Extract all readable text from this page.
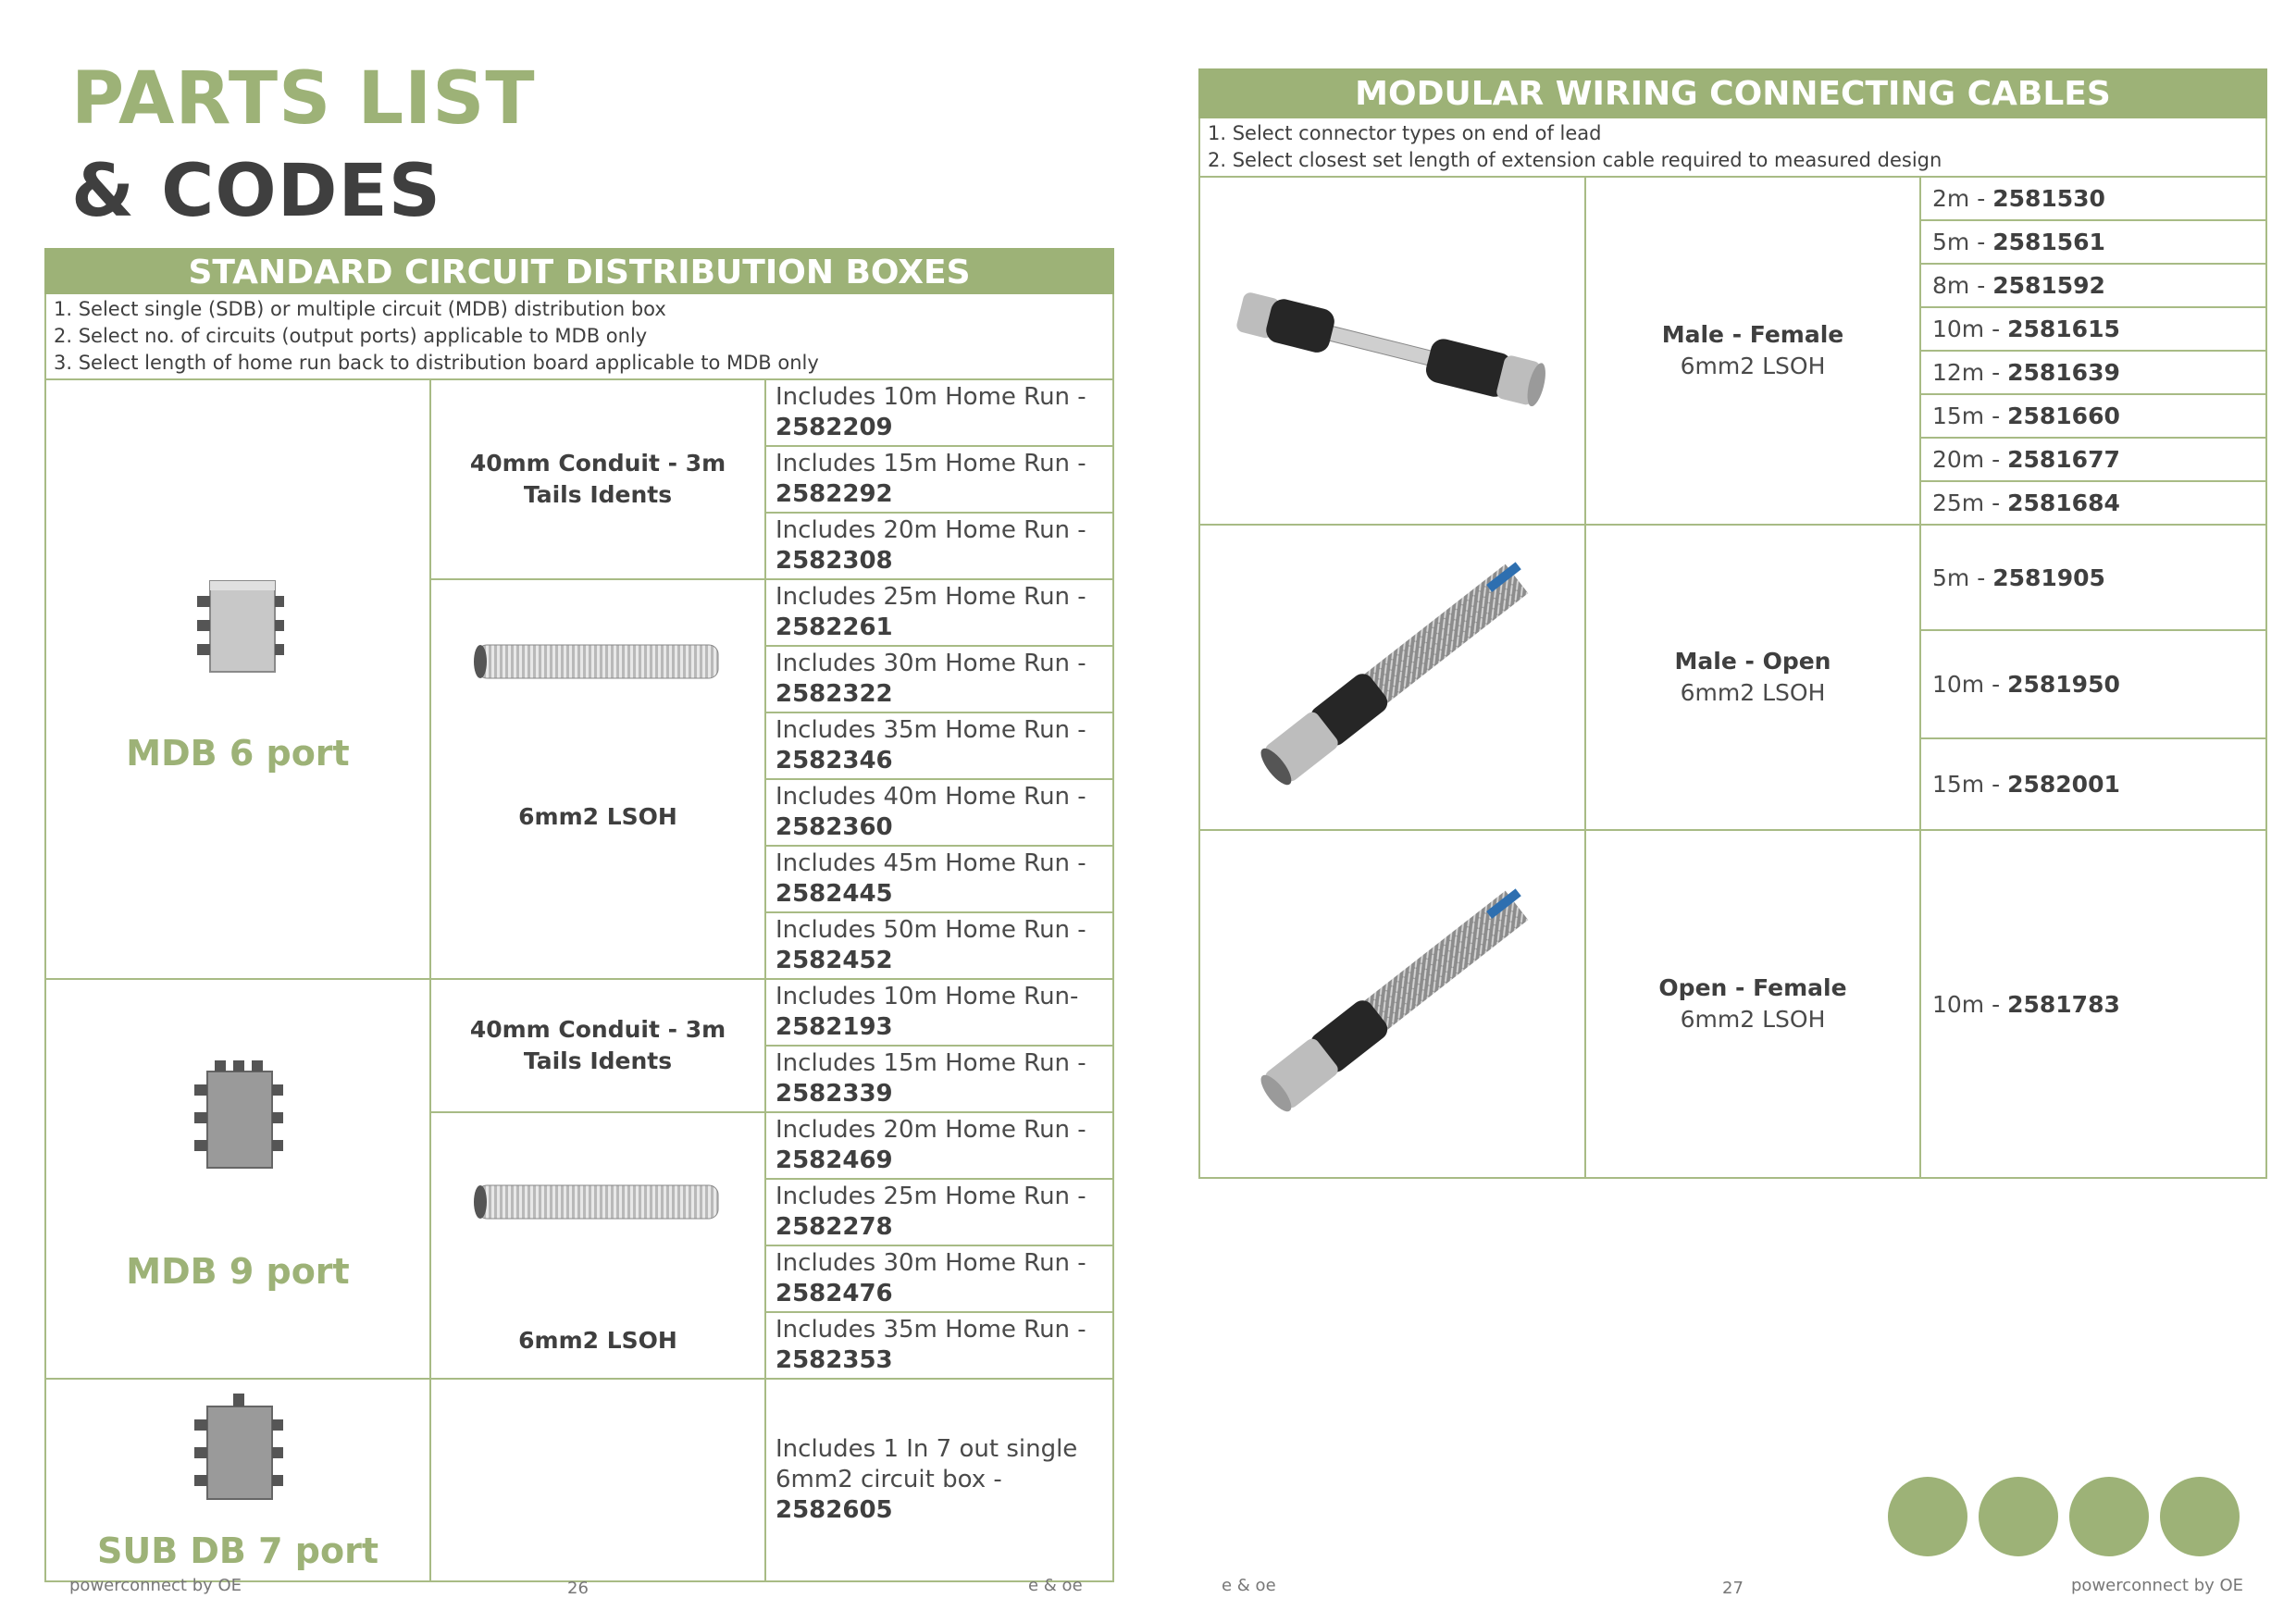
PARTS LIST
& CODES
STANDARD CIRCUIT DISTRIBUTION BOXES		

1. Select single (SDB) or multiple circuit (MDB) distribution box
2. Select no. of circuits (output ports) applicable to MDB only
3. Select length of home run back to distribution board applicable to MDB only		

MDB 6 port	40mm Conduit - 3m Tails Idents	Includes 10m Home Run -
2582209
		Includes 15m Home Run -
2582292
		Includes 20m Home Run -
2582308

	6mm2 LSOH	Includes 25m Home Run -
2582261
		Includes 30m Home Run -
2582322
		Includes 35m Home Run -
2582346
		Includes 40m Home Run -
2582360
		Includes 45m Home Run -
2582445
		Includes 50m Home Run -
2582452

MDB 9 port	40mm Conduit - 3m Tails Idents	Includes 10m Home Run-
2582193
		Includes 15m Home Run -
2582339

	6mm2 LSOH	Includes 20m Home Run -
2582469
		Includes 25m Home Run -
2582278
		Includes 30m Home Run -
2582476
		Includes 35m Home Run -
2582353

SUB DB 7 port		Includes 1 In 7 out single 6mm2 circuit box - 2582605
MODULAR WIRING CONNECTING CABLES		

1. Select connector types on end of lead
2. Select closest set length of extension cable required to measured design		

Male - Female
6mm2 LSOH	2m - 2581530
		5m - 2581561
		8m - 2581592
		10m - 2581615
		12m - 2581639
		15m - 2581660
		20m - 2581677
		25m - 2581684

Male - Open
6mm2 LSOH	5m - 2581905
		10m - 2581950
		15m - 2582001

Open - Female
6mm2 LSOH	10m - 2581783
powerconnect by OE	26	e & oe	e & oe	27	powerconnect by OE
